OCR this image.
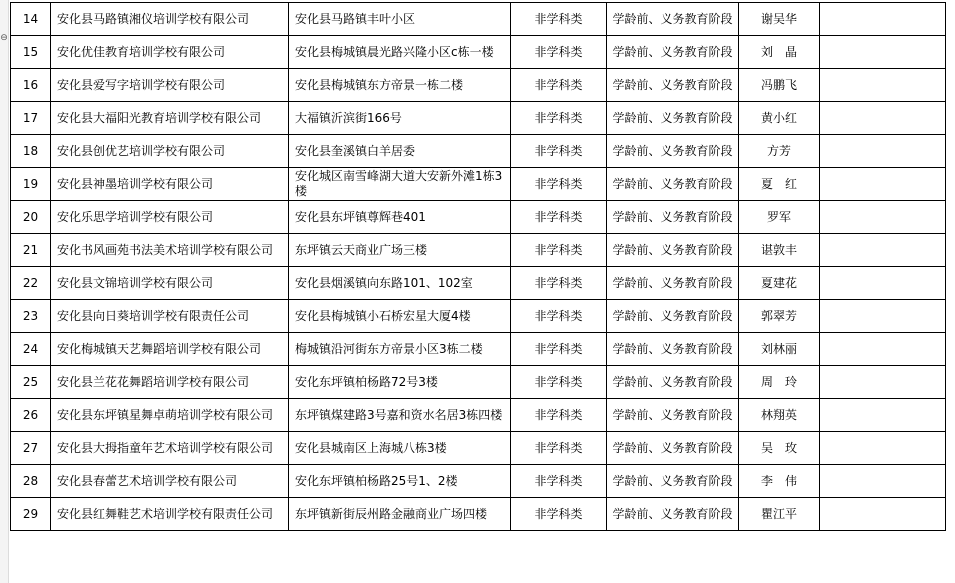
⊖
14	安化县马路镇湘仪培训学校有限公司	安化县马路镇丰叶小区	非学科类	学龄前、义务教育阶段	谢吴华	
15	安化优佳教育培训学校有限公司	安化县梅城镇晨光路兴隆小区c栋一楼	非学科类	学龄前、义务教育阶段	刘　晶	
16	安化县爱写字培训学校有限公司	安化县梅城镇东方帝景一栋二楼	非学科类	学龄前、义务教育阶段	冯鹏飞	
17	安化县大福阳光教育培训学校有限公司	大福镇沂滨街166号	非学科类	学龄前、义务教育阶段	黄小红	
18	安化县创优艺培训学校有限公司	安化县奎溪镇白羊居委	非学科类	学龄前、义务教育阶段	方芳	
19	安化县神墨培训学校有限公司	安化城区南雪峰湖大道大安新外滩1栋3楼	非学科类	学龄前、义务教育阶段	夏　红	
20	安化乐思学培训学校有限公司	安化县东坪镇尊辉巷401	非学科类	学龄前、义务教育阶段	罗军	
21	安化书风画苑书法美术培训学校有限公司	东坪镇云天商业广场三楼	非学科类	学龄前、义务教育阶段	谌敦丰	
22	安化县文锦培训学校有限公司	安化县烟溪镇向东路101、102室	非学科类	学龄前、义务教育阶段	夏建花	
23	安化县向日葵培训学校有限责任公司	安化县梅城镇小石桥宏星大厦4楼	非学科类	学龄前、义务教育阶段	郭翠芳	
24	安化梅城镇天艺舞蹈培训学校有限公司	梅城镇沿河街东方帝景小区3栋二楼	非学科类	学龄前、义务教育阶段	刘林丽	
25	安化县兰花花舞蹈培训学校有限公司	安化东坪镇柏杨路72号3楼	非学科类	学龄前、义务教育阶段	周　玲	
26	安化县东坪镇星舞卓萌培训学校有限公司	东坪镇煤建路3号嘉和资水名居3栋四楼	非学科类	学龄前、义务教育阶段	林翔英	
27	安化县大拇指童年艺术培训学校有限公司	安化县城南区上海城八栋3楼	非学科类	学龄前、义务教育阶段	吴　玫	
28	安化县春蕾艺术培训学校有限公司	安化东坪镇柏杨路25号1、2楼	非学科类	学龄前、义务教育阶段	李　伟	
29	安化县红舞鞋艺术培训学校有限责任公司	东坪镇新街辰州路金融商业广场四楼	非学科类	学龄前、义务教育阶段	瞿江平	
